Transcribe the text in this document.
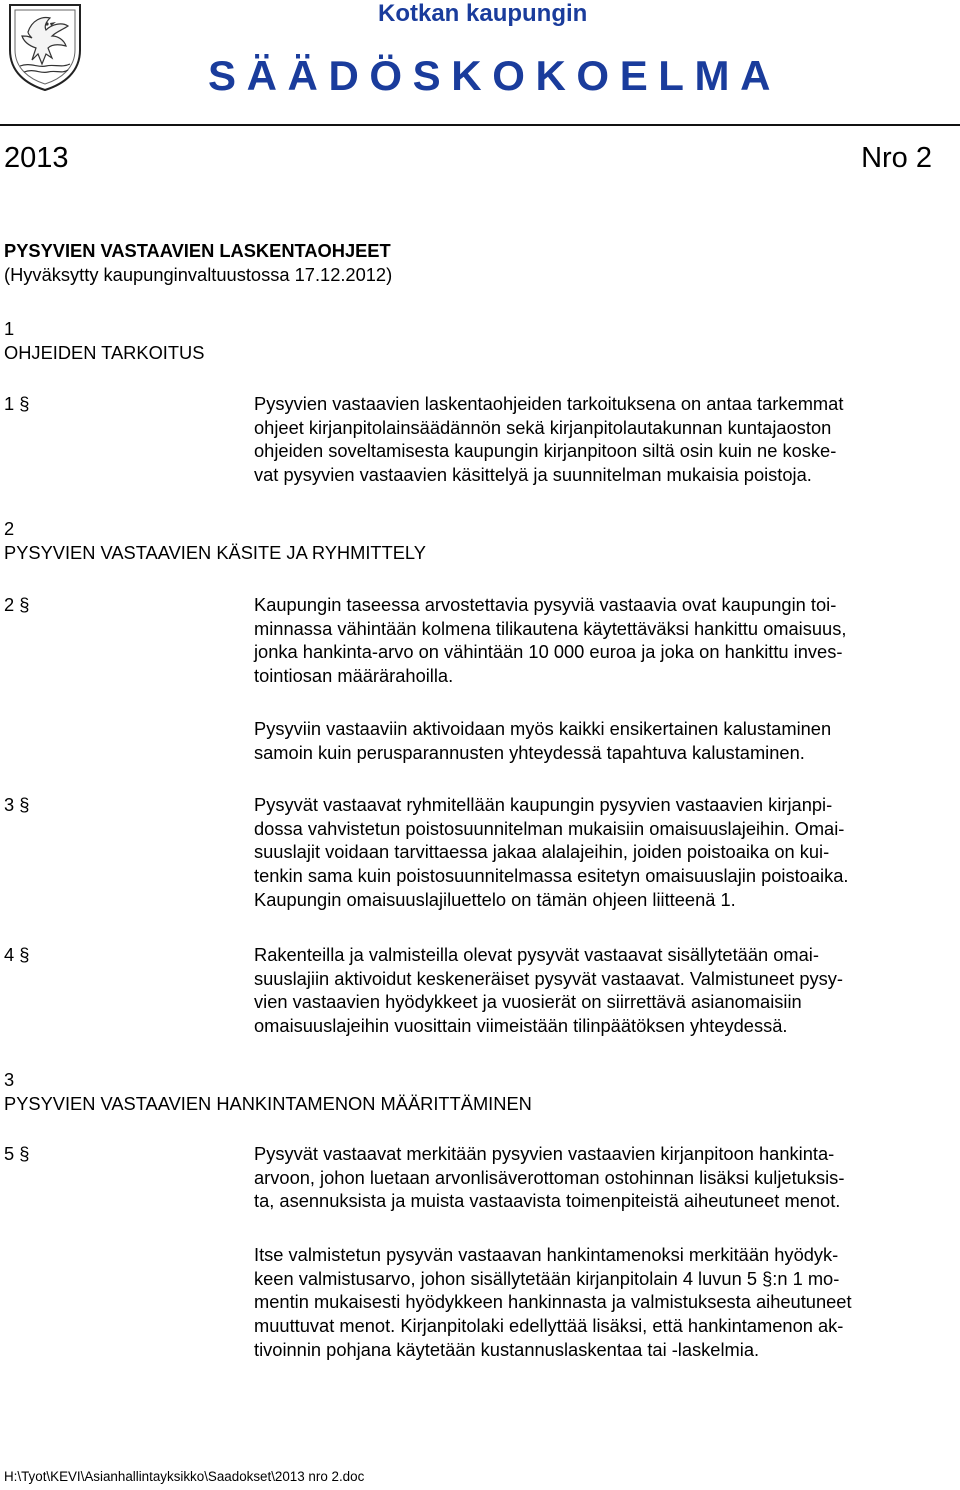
Kotkan kaupungin
SÄÄDÖSKOKOELMA
2013	Nro 2
PYSYVIEN VASTAAVIEN LASKENTAOHJEET
(Hyväksytty kaupunginvaltuustossa 17.12.2012)
1
OHJEIDEN TARKOITUS
1 §	Pysyvien vastaavien laskentaohjeiden tarkoituksena on antaa tarkemmat
ohjeet kirjanpitolainsäädännön sekä kirjanpitolautakunnan kuntajaoston
ohjeiden soveltamisesta kaupungin kirjanpitoon siltä osin kuin ne koske-
vat pysyvien vastaavien käsittelyä ja suunnitelman mukaisia poistoja.
2
PYSYVIEN VASTAAVIEN KÄSITE JA RYHMITTELY
2 §	Kaupungin taseessa arvostettavia pysyviä vastaavia ovat kaupungin toi-
minnassa vähintään kolmena tilikautena käytettäväksi hankittu omaisuus,
jonka hankinta-arvo on vähintään 10 000 euroa ja joka on hankittu inves-
tointiosan määrärahoilla.
Pysyviin vastaaviin aktivoidaan myös kaikki ensikertainen kalustaminen
samoin kuin perusparannusten yhteydessä tapahtuva kalustaminen.
3 §	Pysyvät vastaavat ryhmitellään kaupungin pysyvien vastaavien kirjanpi-
dossa vahvistetun poistosuunnitelman mukaisiin omaisuuslajeihin. Omai-
suuslajit voidaan tarvittaessa jakaa alalajeihin, joiden poistoaika on kui-
tenkin sama kuin poistosuunnitelmassa esitetyn omaisuuslajin poistoaika.
Kaupungin omaisuuslajiluettelo on tämän ohjeen liitteenä 1.
4 §	Rakenteilla ja valmisteilla olevat pysyvät vastaavat sisällytetään omai-
suuslajiin aktivoidut keskeneräiset pysyvät vastaavat. Valmistuneet pysy-
vien vastaavien hyödykkeet ja vuosierät on siirrettävä asianomaisiin
omaisuuslajeihin vuosittain viimeistään tilinpäätöksen yhteydessä.
3
PYSYVIEN VASTAAVIEN HANKINTAMENON MÄÄRITTÄMINEN
5 §	Pysyvät vastaavat merkitään pysyvien vastaavien kirjanpitoon hankinta-
arvoon, johon luetaan arvonlisäverottoman ostohinnan lisäksi kuljetuksis-
ta, asennuksista ja muista vastaavista toimenpiteistä aiheutuneet menot.
Itse valmistetun pysyvän vastaavan hankintamenoksi merkitään hyödyk-
keen valmistusarvo, johon sisällytetään kirjanpitolain 4 luvun 5 §:n 1 mo-
mentin mukaisesti hyödykkeen hankinnasta ja valmistuksesta aiheutuneet
muuttuvat menot. Kirjanpitolaki edellyttää lisäksi, että hankintamenon ak-
tivoinnin pohjana käytetään kustannuslaskentaa tai -laskelmia.
H:\Tyot\KEVI\Asianhallintayksikko\Saadokset\2013 nro 2.doc
